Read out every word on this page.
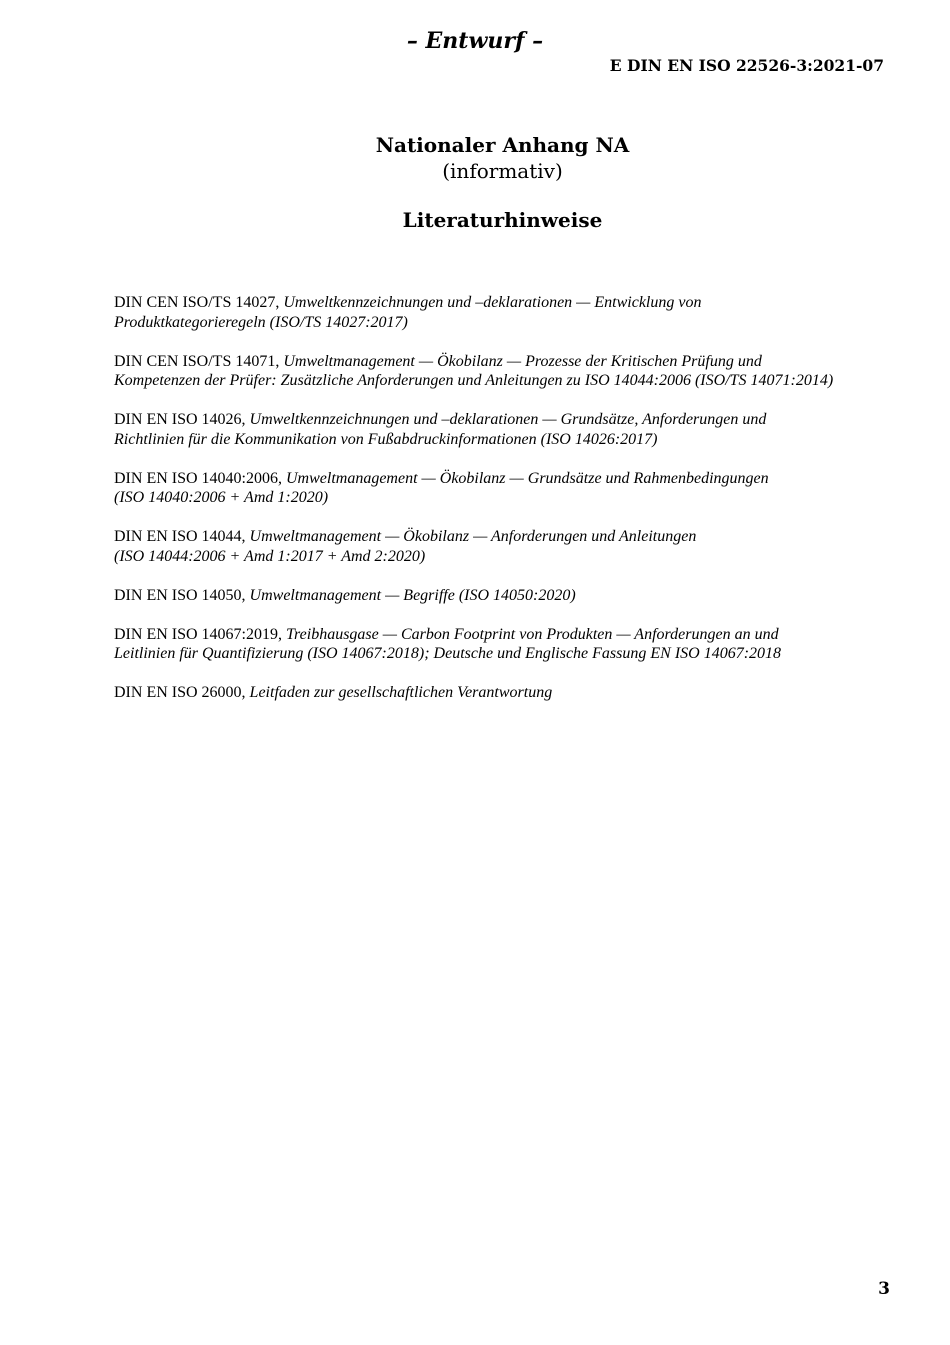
– Entwurf –
E DIN EN ISO 22526-3:2021-07
Nationaler Anhang NA
(informativ)
Literaturhinweise
DIN CEN ISO/TS 14027, Umweltkennzeichnungen und –deklarationen — Entwicklung von
Produktkategorieregeln (ISO/TS 14027:2017)
DIN CEN ISO/TS 14071, Umweltmanagement — Ökobilanz — Prozesse der Kritischen Prüfung und
Kompetenzen der Prüfer: Zusätzliche Anforderungen und Anleitungen zu ISO 14044:2006 (ISO/TS 14071:2014)
DIN EN ISO 14026, Umweltkennzeichnungen und –deklarationen — Grundsätze, Anforderungen und
Richtlinien für die Kommunikation von Fußabdruckinformationen (ISO 14026:2017)
DIN EN ISO 14040:2006, Umweltmanagement — Ökobilanz — Grundsätze und Rahmenbedingungen
(ISO 14040:2006 + Amd 1:2020)
DIN EN ISO 14044, Umweltmanagement — Ökobilanz — Anforderungen und Anleitungen
(ISO 14044:2006 + Amd 1:2017 + Amd 2:2020)
DIN EN ISO 14050, Umweltmanagement — Begriffe (ISO 14050:2020)
DIN EN ISO 14067:2019, Treibhausgase — Carbon Footprint von Produkten — Anforderungen an und
Leitlinien für Quantifizierung (ISO 14067:2018); Deutsche und Englische Fassung EN ISO 14067:2018
DIN EN ISO 26000, Leitfaden zur gesellschaftlichen Verantwortung
3
